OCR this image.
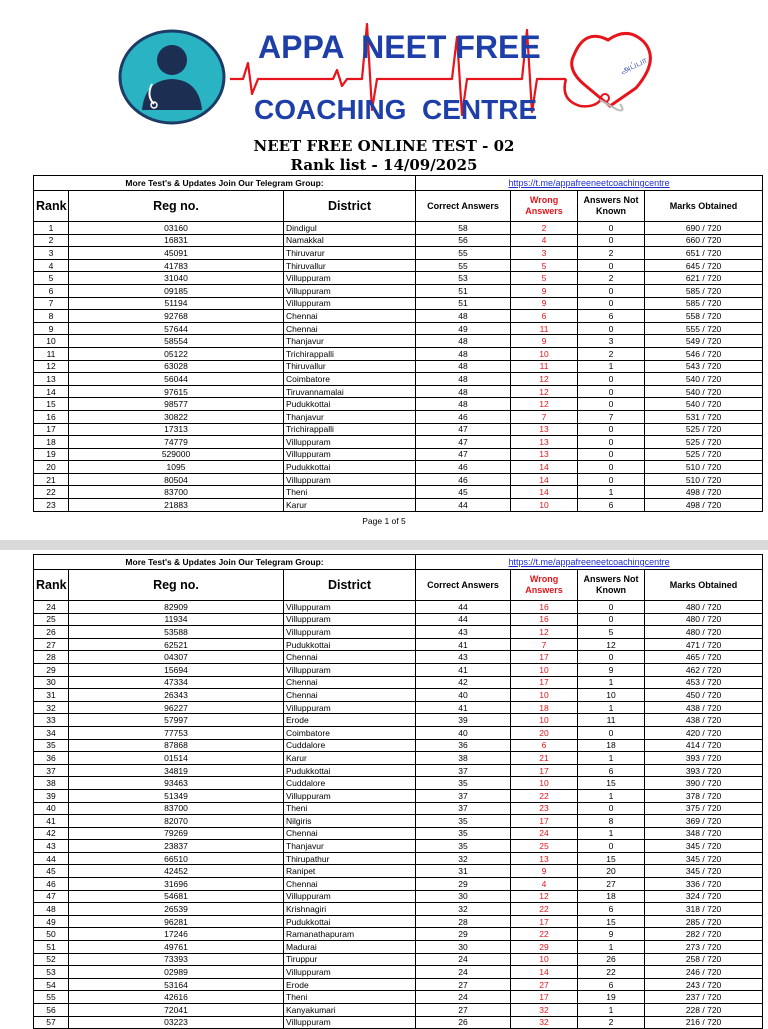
அப்பா
APPA  NEET FREE
COACHING  CENTRE
NEET FREE ONLINE TEST - 02
Rank list - 14/09/2025
More Test's & Updates Join Our Telegram Group:			https://t.me/appafreeneetcoachingcentre			
Rank	Reg no.	District	Correct Answers	Wrong Answers	Answers Not Known	Marks Obtained
1	03160	Dindigul	58	2	0	690 / 720
2	16831	Namakkal	56	4	0	660 / 720
3	45091	Thiruvarur	55	3	2	651 / 720
4	41783	Thiruvallur	55	5	0	645 / 720
5	31040	Villuppuram	53	5	2	621 / 720
6	09185	Villuppuram	51	9	0	585 / 720
7	51194	Villuppuram	51	9	0	585 / 720
8	92768	Chennai	48	6	6	558 / 720
9	57644	Chennai	49	11	0	555 / 720
10	58554	Thanjavur	48	9	3	549 / 720
11	05122	Trichirappalli	48	10	2	546 / 720
12	63028	Thiruvallur	48	11	1	543 / 720
13	56044	Coimbatore	48	12	0	540 / 720
14	97615	Tiruvannamalai	48	12	0	540 / 720
15	98577	Pudukkottai	48	12	0	540 / 720
16	30822	Thanjavur	46	7	7	531 / 720
17	17313	Trichirappalli	47	13	0	525 / 720
18	74779	Villuppuram	47	13	0	525 / 720
19	529000	Villuppuram	47	13	0	525 / 720
20	1095	Pudukkottai	46	14	0	510 / 720
21	80504	Villuppuram	46	14	0	510 / 720
22	83700	Theni	45	14	1	498 / 720
23	21883	Karur	44	10	6	498 / 720
Page 1 of 5
More Test's & Updates Join Our Telegram Group:			https://t.me/appafreeneetcoachingcentre			
Rank	Reg no.	District	Correct Answers	Wrong Answers	Answers Not Known	Marks Obtained
24	82909	Villuppuram	44	16	0	480 / 720
25	11934	Villuppuram	44	16	0	480 / 720
26	53588	Villuppuram	43	12	5	480 / 720
27	62521	Pudukkottai	41	7	12	471 / 720
28	04307	Chennai	43	17	0	465 / 720
29	15694	Villuppuram	41	10	9	462 / 720
30	47334	Chennai	42	17	1	453 / 720
31	26343	Chennai	40	10	10	450 / 720
32	96227	Villuppuram	41	18	1	438 / 720
33	57997	Erode	39	10	11	438 / 720
34	77753	Coimbatore	40	20	0	420 / 720
35	87868	Cuddalore	36	6	18	414 / 720
36	01514	Karur	38	21	1	393 / 720
37	34819	Pudukkottai	37	17	6	393 / 720
38	93463	Cuddalore	35	10	15	390 / 720
39	51349	Villuppuram	37	22	1	378 / 720
40	83700	Theni	37	23	0	375 / 720
41	82070	Nilgiris	35	17	8	369 / 720
42	79269	Chennai	35	24	1	348 / 720
43	23837	Thanjavur	35	25	0	345 / 720
44	66510	Thirupathur	32	13	15	345 / 720
45	42452	Ranipet	31	9	20	345 / 720
46	31696	Chennai	29	4	27	336 / 720
47	54681	Villuppuram	30	12	18	324 / 720
48	26539	Krishnagiri	32	22	6	318 / 720
49	96281	Pudukkottai	28	17	15	285 / 720
50	17246	Ramanathapuram	29	22	9	282 / 720
51	49761	Madurai	30	29	1	273 / 720
52	73393	Tiruppur	24	10	26	258 / 720
53	02989	Villuppuram	24	14	22	246 / 720
54	53164	Erode	27	27	6	243 / 720
55	42616	Theni	24	17	19	237 / 720
56	72041	Kanyakumari	27	32	1	228 / 720
57	03223	Villuppuram	26	32	2	216 / 720
